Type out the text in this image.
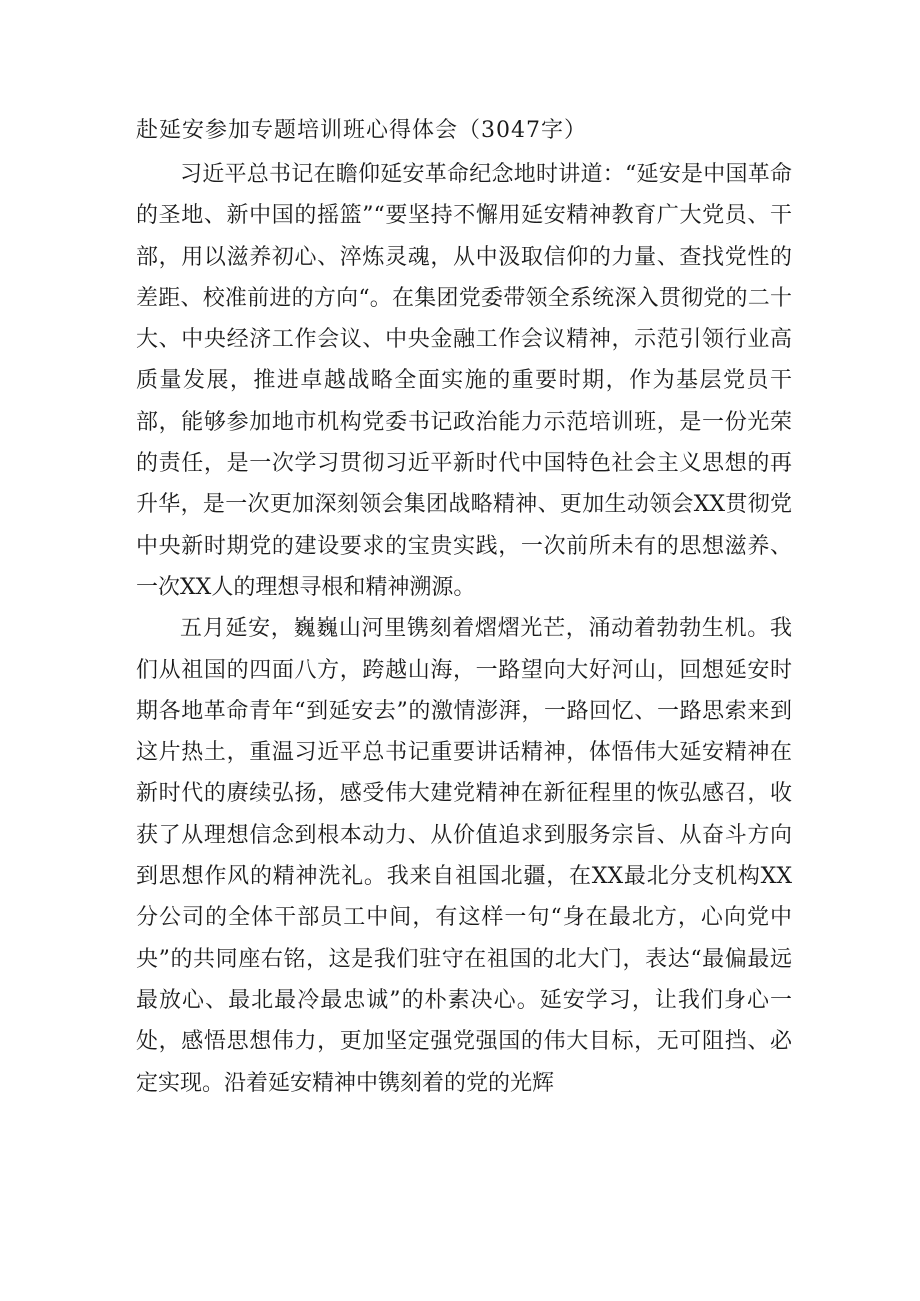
赴延安参加专题培训班心得体会（3047字）

习近平总书记在瞻仰延安革命纪念地时讲道：“延安是中国革命的圣地、新中国的摇篮”“要坚持不懈用延安精神教育广大党员、干部，用以滋养初心、淬炼灵魂，从中汲取信仰的力量、查找党性的差距、校准前进的方向“。在集团党委带领全系统深入贯彻党的二十大、中央经济工作会议、中央金融工作会议精神，示范引领行业高质量发展，推进卓越战略全面实施的重要时期，作为基层党员干部，能够参加地市机构党委书记政治能力示范培训班，是一份光荣的责任，是一次学习贯彻习近平新时代中国特色社会主义思想的再升华，是一次更加深刻领会集团战略精神、更加生动领会XX贯彻党中央新时期党的建设要求的宝贵实践，一次前所未有的思想滋养、一次XX人的理想寻根和精神溯源。

五月延安，巍巍山河里镌刻着熠熠光芒，涌动着勃勃生机。我们从祖国的四面八方，跨越山海，一路望向大好河山，回想延安时期各地革命青年“到延安去”的激情澎湃，一路回忆、一路思索来到这片热土，重温习近平总书记重要讲话精神，体悟伟大延安精神在新时代的赓续弘扬，感受伟大建党精神在新征程里的恢弘感召，收获了从理想信念到根本动力、从价值追求到服务宗旨、从奋斗方向到思想作风的精神洗礼。我来自祖国北疆，在XX最北分支机构XX分公司的全体干部员工中间，有这样一句“身在最北方，心向党中央”的共同座右铭，这是我们驻守在祖国的北大门，表达“最偏最远最放心、最北最冷最忠诚”的朴素决心。延安学习，让我们身心一处，感悟思想伟力，更加坚定强党强国的伟大目标，无可阻挡、必定实现。沿着延安精神中镌刻着的党的光辉
